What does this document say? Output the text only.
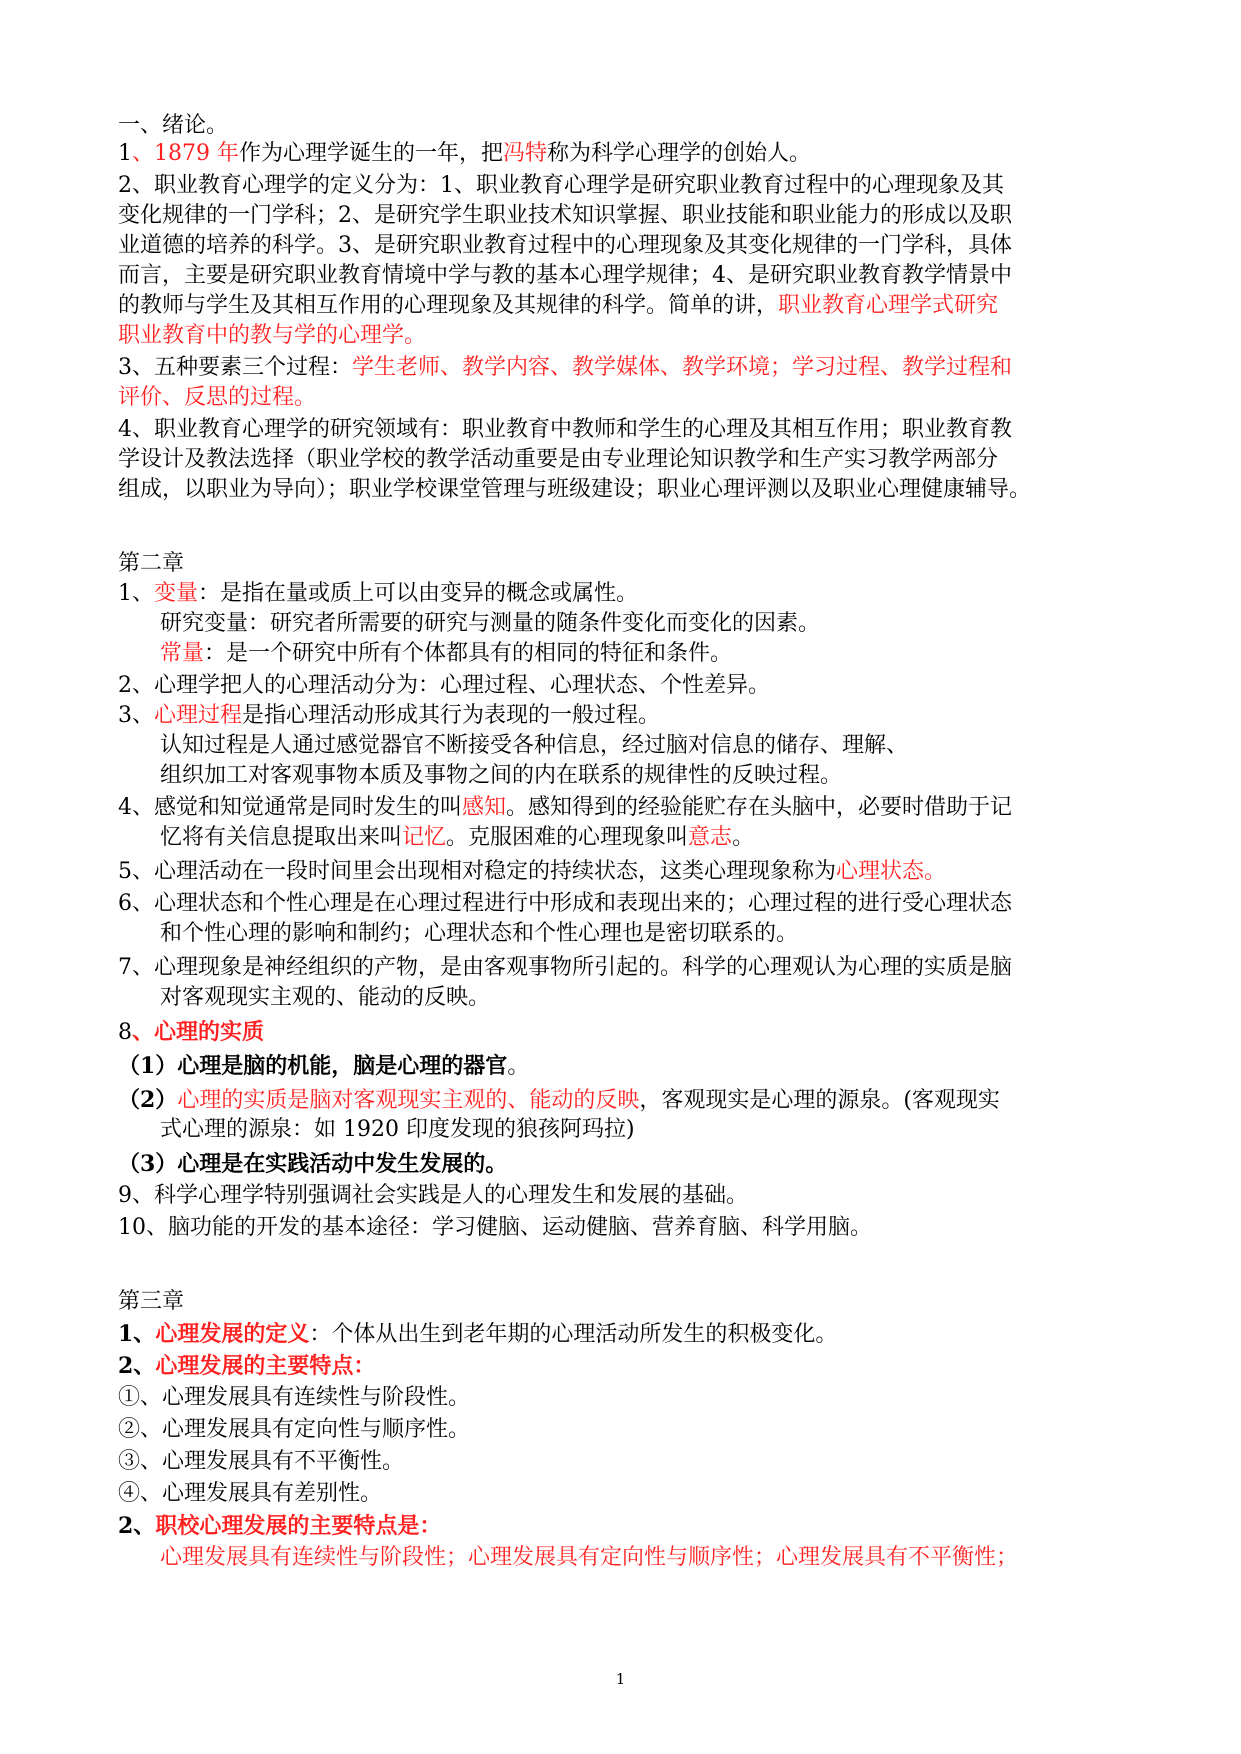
一、绪论。
1、1879 年作为心理学诞生的一年，把冯特称为科学心理学的创始人。
2、职业教育心理学的定义分为：1、职业教育心理学是研究职业教育过程中的心理现象及其
变化规律的一门学科；2、是研究学生职业技术知识掌握、职业技能和职业能力的形成以及职
业道德的培养的科学。3、是研究职业教育过程中的心理现象及其变化规律的一门学科，具体
而言，主要是研究职业教育情境中学与教的基本心理学规律；4、是研究职业教育教学情景中
的教师与学生及其相互作用的心理现象及其规律的科学。简单的讲，职业教育心理学式研究
职业教育中的教与学的心理学。
3、五种要素三个过程：学生老师、教学内容、教学媒体、教学环境；学习过程、教学过程和
评价、反思的过程。
4、职业教育心理学的研究领域有：职业教育中教师和学生的心理及其相互作用；职业教育教
学设计及教法选择（职业学校的教学活动重要是由专业理论知识教学和生产实习教学两部分
组成，以职业为导向）；职业学校课堂管理与班级建设；职业心理评测以及职业心理健康辅导。
第二章
1、变量：是指在量或质上可以由变异的概念或属性。
研究变量：研究者所需要的研究与测量的随条件变化而变化的因素。
常量：是一个研究中所有个体都具有的相同的特征和条件。
2、心理学把人的心理活动分为：心理过程、心理状态、个性差异。
3、心理过程是指心理活动形成其行为表现的一般过程。
认知过程是人通过感觉器官不断接受各种信息，经过脑对信息的储存、理解、
组织加工对客观事物本质及事物之间的内在联系的规律性的反映过程。
4、感觉和知觉通常是同时发生的叫感知。感知得到的经验能贮存在头脑中，必要时借助于记
忆将有关信息提取出来叫记忆。克服困难的心理现象叫意志。
5、心理活动在一段时间里会出现相对稳定的持续状态，这类心理现象称为心理状态。
6、心理状态和个性心理是在心理过程进行中形成和表现出来的；心理过程的进行受心理状态
和个性心理的影响和制约；心理状态和个性心理也是密切联系的。
7、心理现象是神经组织的产物，是由客观事物所引起的。科学的心理观认为心理的实质是脑
对客观现实主观的、能动的反映。
8、心理的实质
（1）心理是脑的机能，脑是心理的器官。
（2）心理的实质是脑对客观现实主观的、能动的反映，客观现实是心理的源泉。(客观现实
式心理的源泉：如 1920 印度发现的狼孩阿玛拉)
（3）心理是在实践活动中发生发展的。
9、科学心理学特别强调社会实践是人的心理发生和发展的基础。
10、脑功能的开发的基本途径：学习健脑、运动健脑、营养育脑、科学用脑。
第三章
1、心理发展的定义：个体从出生到老年期的心理活动所发生的积极变化。
2、心理发展的主要特点：
①、心理发展具有连续性与阶段性。
②、心理发展具有定向性与顺序性。
③、心理发展具有不平衡性。
④、心理发展具有差别性。
2、职校心理发展的主要特点是：
心理发展具有连续性与阶段性；心理发展具有定向性与顺序性；心理发展具有不平衡性；
1
